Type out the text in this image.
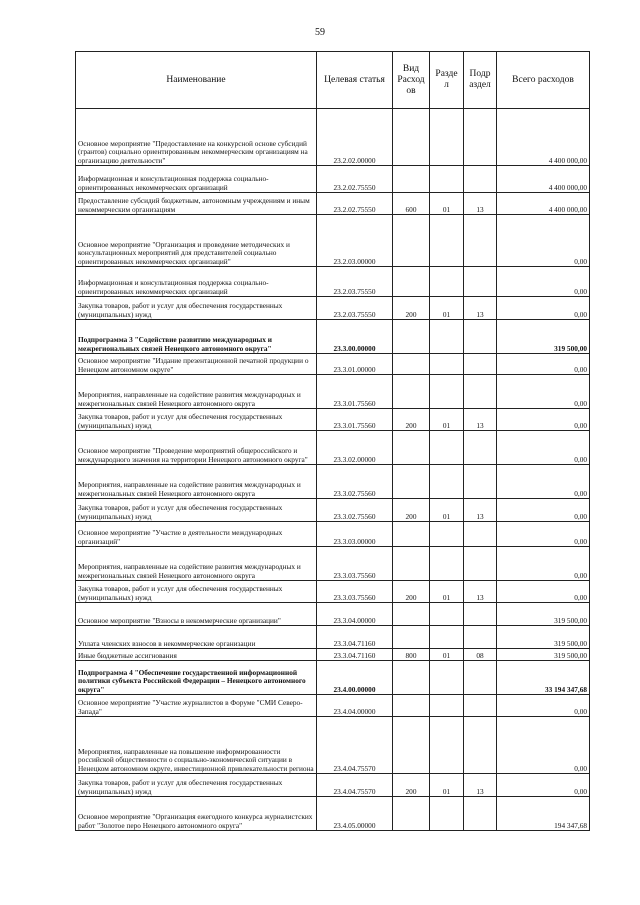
59
Наименование	Целевая статья	Вид Расход ов	Разде л	Подр аздел	Всего расходов
Основное мероприятие "Предоставление на конкурсной основе субсидий (грантов) социально ориентированным некоммерческим организациям на организацию деятельности"	23.2.02.00000				4 400 000,00
Информационная и консультационная поддержка социально-ориентированных некоммерческих организаций	23.2.02.75550				4 400 000,00
Предоставление субсидий бюджетным, автономным учреждениям и иным некоммерческим организациям	23.2.02.75550	600	01	13	4 400 000,00
Основное мероприятие "Организация и проведение методических и консультационных мероприятий для представителей социально ориентированных некоммерческих организаций"	23.2.03.00000				0,00
Информационная и консультационная поддержка социально-ориентированных некоммерческих организаций	23.2.03.75550				0,00
Закупка товаров, работ и услуг для обеспечения государственных (муниципальных) нужд	23.2.03.75550	200	01	13	0,00
Подпрограмма 3 "Содействие развитию международных и межрегиональных связей Ненецкого автономного округа"	23.3.00.00000				319 500,00
Основное мероприятие "Издание презентационной печатной продукции о Ненецком автономном округе"	23.3.01.00000				0,00
Мероприятия, направленные на содействие развития международных и межрегиональных связей Ненецкого автономного округа	23.3.01.75560				0,00
Закупка товаров, работ и услуг для обеспечения государственных (муниципальных) нужд	23.3.01.75560	200	01	13	0,00
Основное мероприятие "Проведение мероприятий общероссийского и международного значения на территории Ненецкого автономного округа"	23.3.02.00000				0,00
Мероприятия, направленные на содействие развития международных и межрегиональных связей Ненецкого автономного округа	23.3.02.75560				0,00
Закупка товаров, работ и услуг для обеспечения государственных (муниципальных) нужд	23.3.02.75560	200	01	13	0,00
Основное мероприятие "Участие в деятельности международных организаций"	23.3.03.00000				0,00
Мероприятия, направленные на содействие развития международных и межрегиональных связей Ненецкого автономного округа	23.3.03.75560				0,00
Закупка товаров, работ и услуг для обеспечения государственных (муниципальных) нужд	23.3.03.75560	200	01	13	0,00
Основное мероприятие "Взносы в некоммерческие организации"	23.3.04.00000				319 500,00
Уплата членских взносов в некоммерческие организации	23.3.04.71160				319 500,00
Иные бюджетные ассигнования	23.3.04.71160	800	01	08	319 500,00
Подпрограмма 4 "Обеспечение государственной информационной политики субъекта Российской Федерации – Ненецкого автономного округа"	23.4.00.00000				33 194 347,68
Основное мероприятие "Участие журналистов в Форуме "СМИ Северо-Запада"	23.4.04.00000				0,00
Мероприятия, направленные на повышение информированности российской общественности о социально-экономической ситуации в Ненецком автономном округе, инвестиционной привлекательности региона	23.4.04.75570				0,00
Закупка товаров, работ и услуг для обеспечения государственных (муниципальных) нужд	23.4.04.75570	200	01	13	0,00
Основное мероприятие "Организация ежегодного конкурса журналистских работ "Золотое перо Ненецкого автономного округа"	23.4.05.00000				194 347,68
